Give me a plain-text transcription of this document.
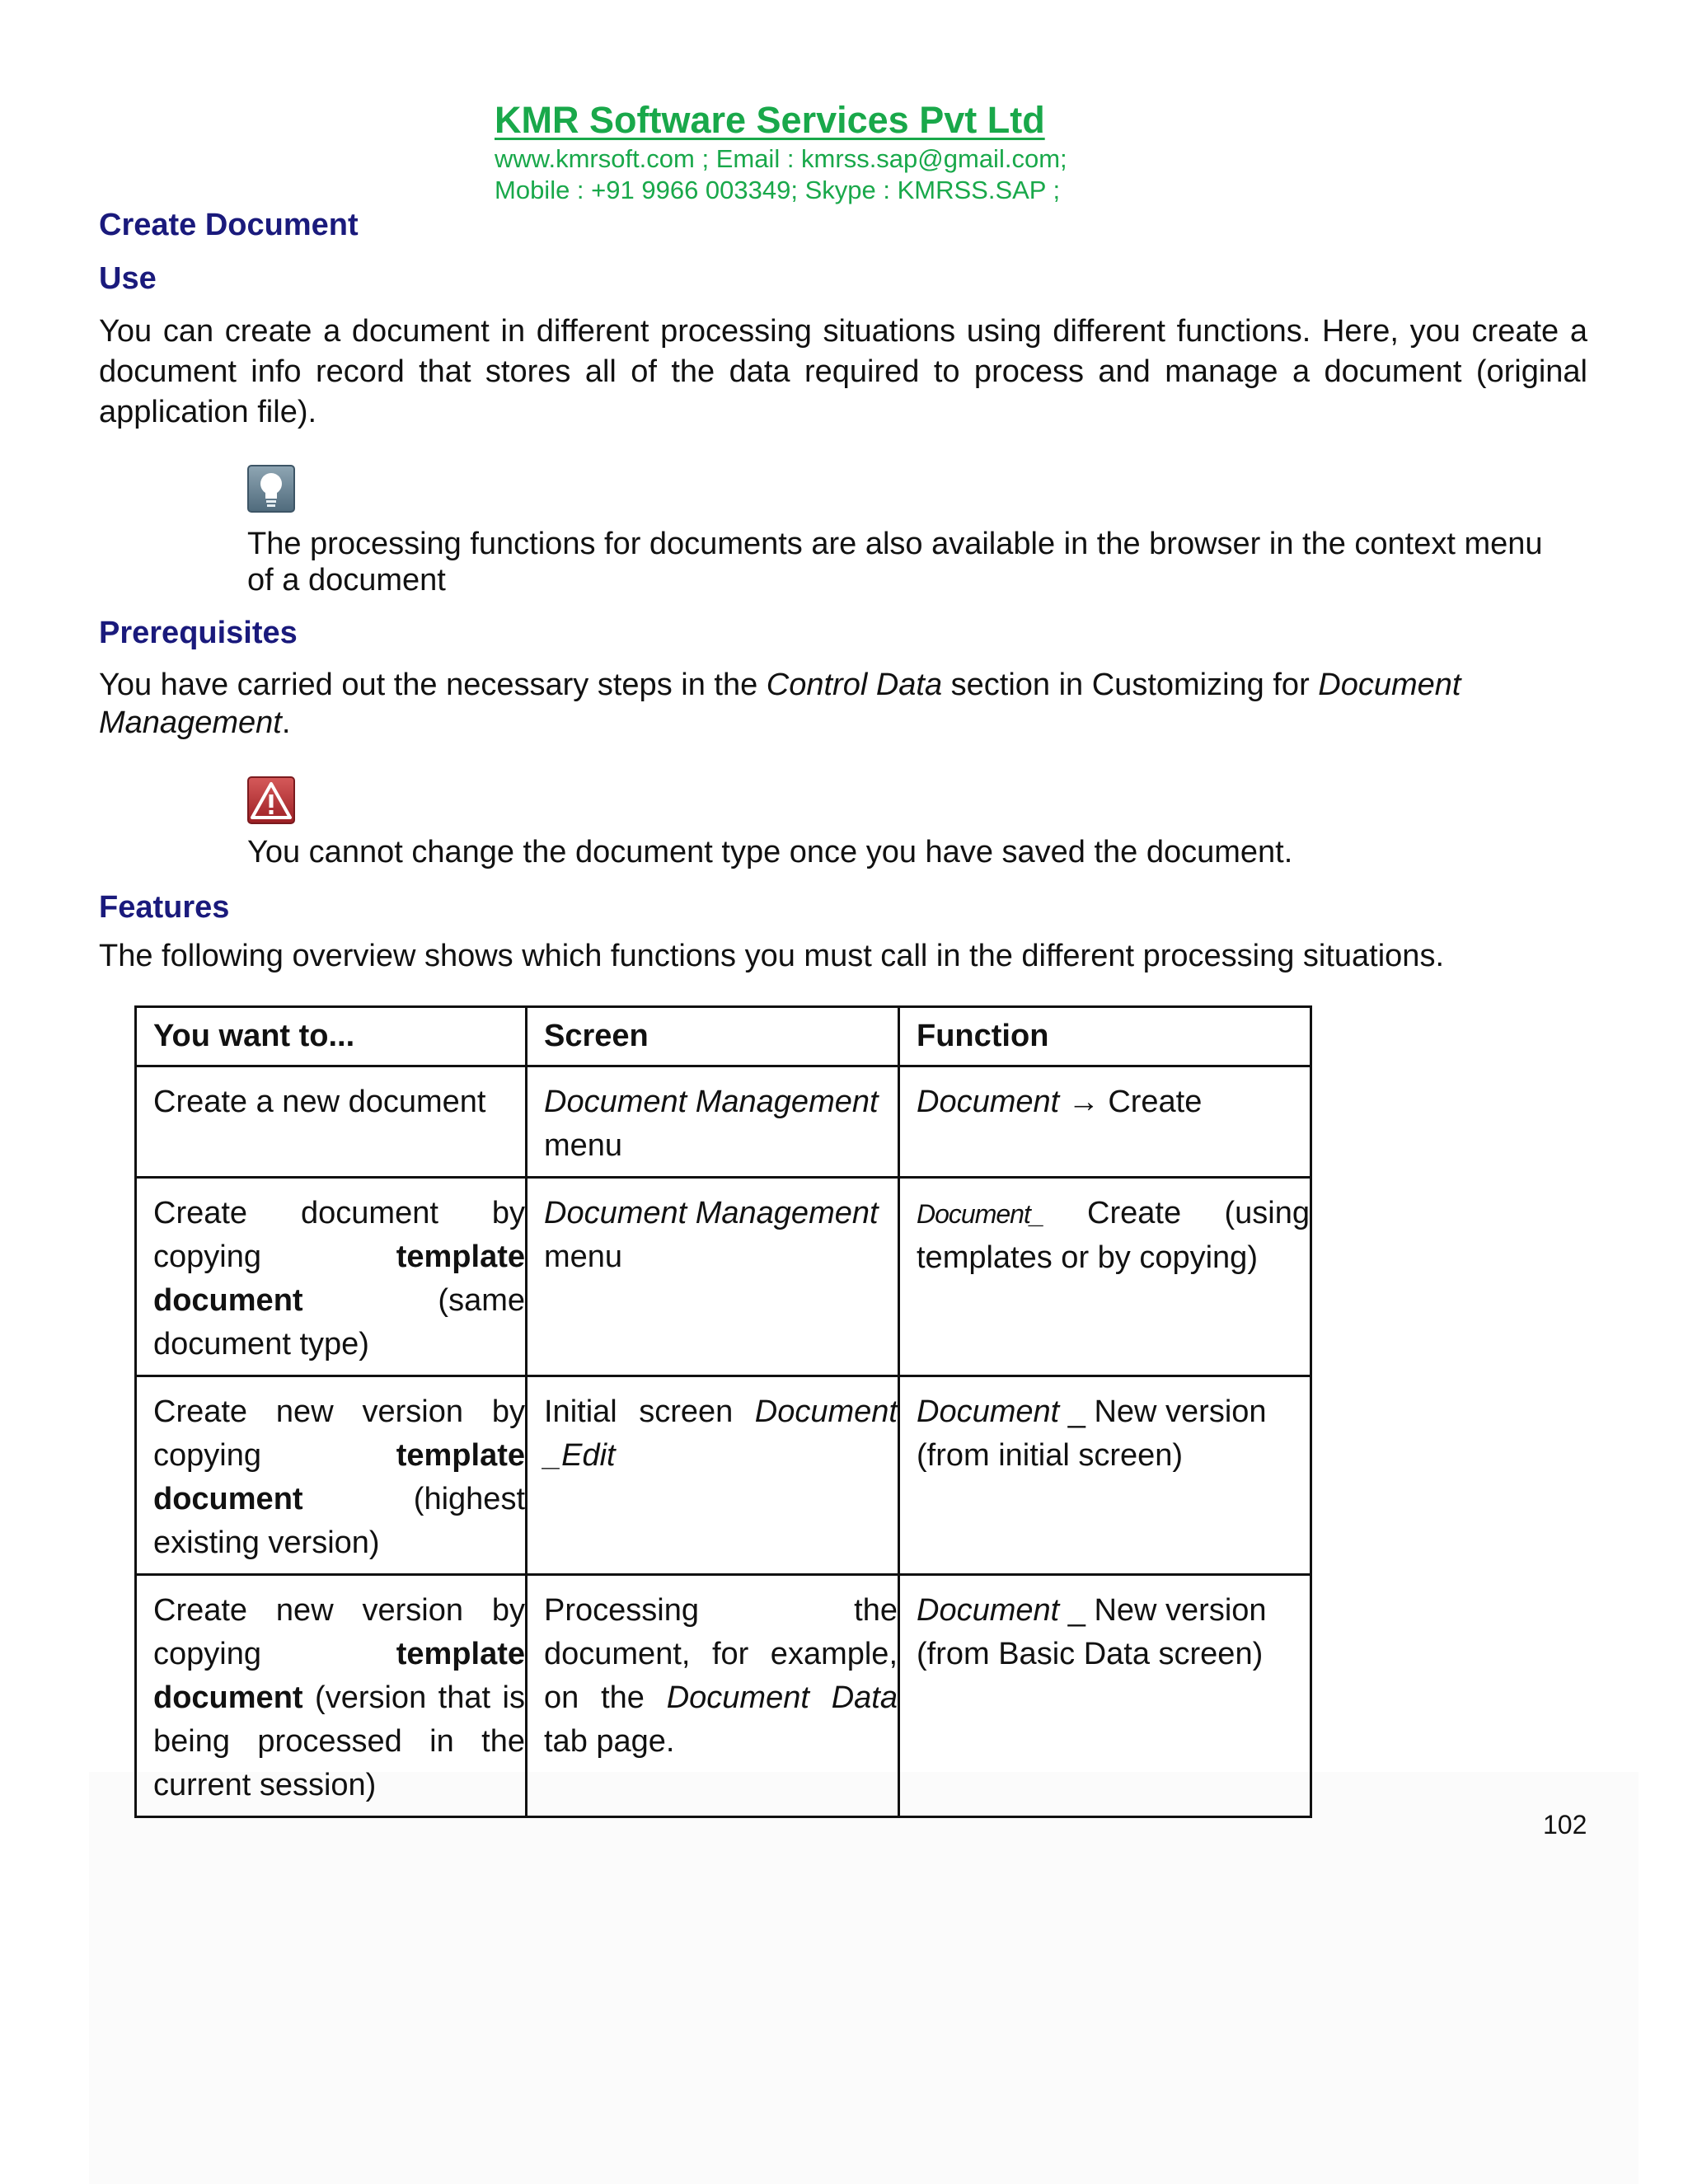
KMR Software Services Pvt Ltd
www.kmrsoft.com ; Email : kmrss.sap@gmail.com;
Mobile : +91 9966 003349; Skype : KMRSS.SAP ;
Create Document
Use

You can create a document in different processing situations using different functions. Here, you create a document info record that stores all of the data required to process and manage a document (original application file).

The processing functions for documents are also available in the browser in the context menu of a document

Prerequisites

You have carried out the necessary steps in the Control Data section in Customizing for Document Management.

You cannot change the document type once you have saved the document.

Features

The following overview shows which functions you must call in the different processing situations.

You want to...	Screen	Function
Create a new document	Document Management menu	Document → Create
Create document by copying template document (same document type)	Document Management menu	Document_ Create (using templates or by copying)
Create new version by copying template document (highest existing version)	Initial screen Document _Edit	Document _ New version (from initial screen)
Create new version by copying template document (version that is being processed in the current session)	Processing the document, for example, on the Document Data tab page.	Document _ New version (from Basic Data screen)
102
